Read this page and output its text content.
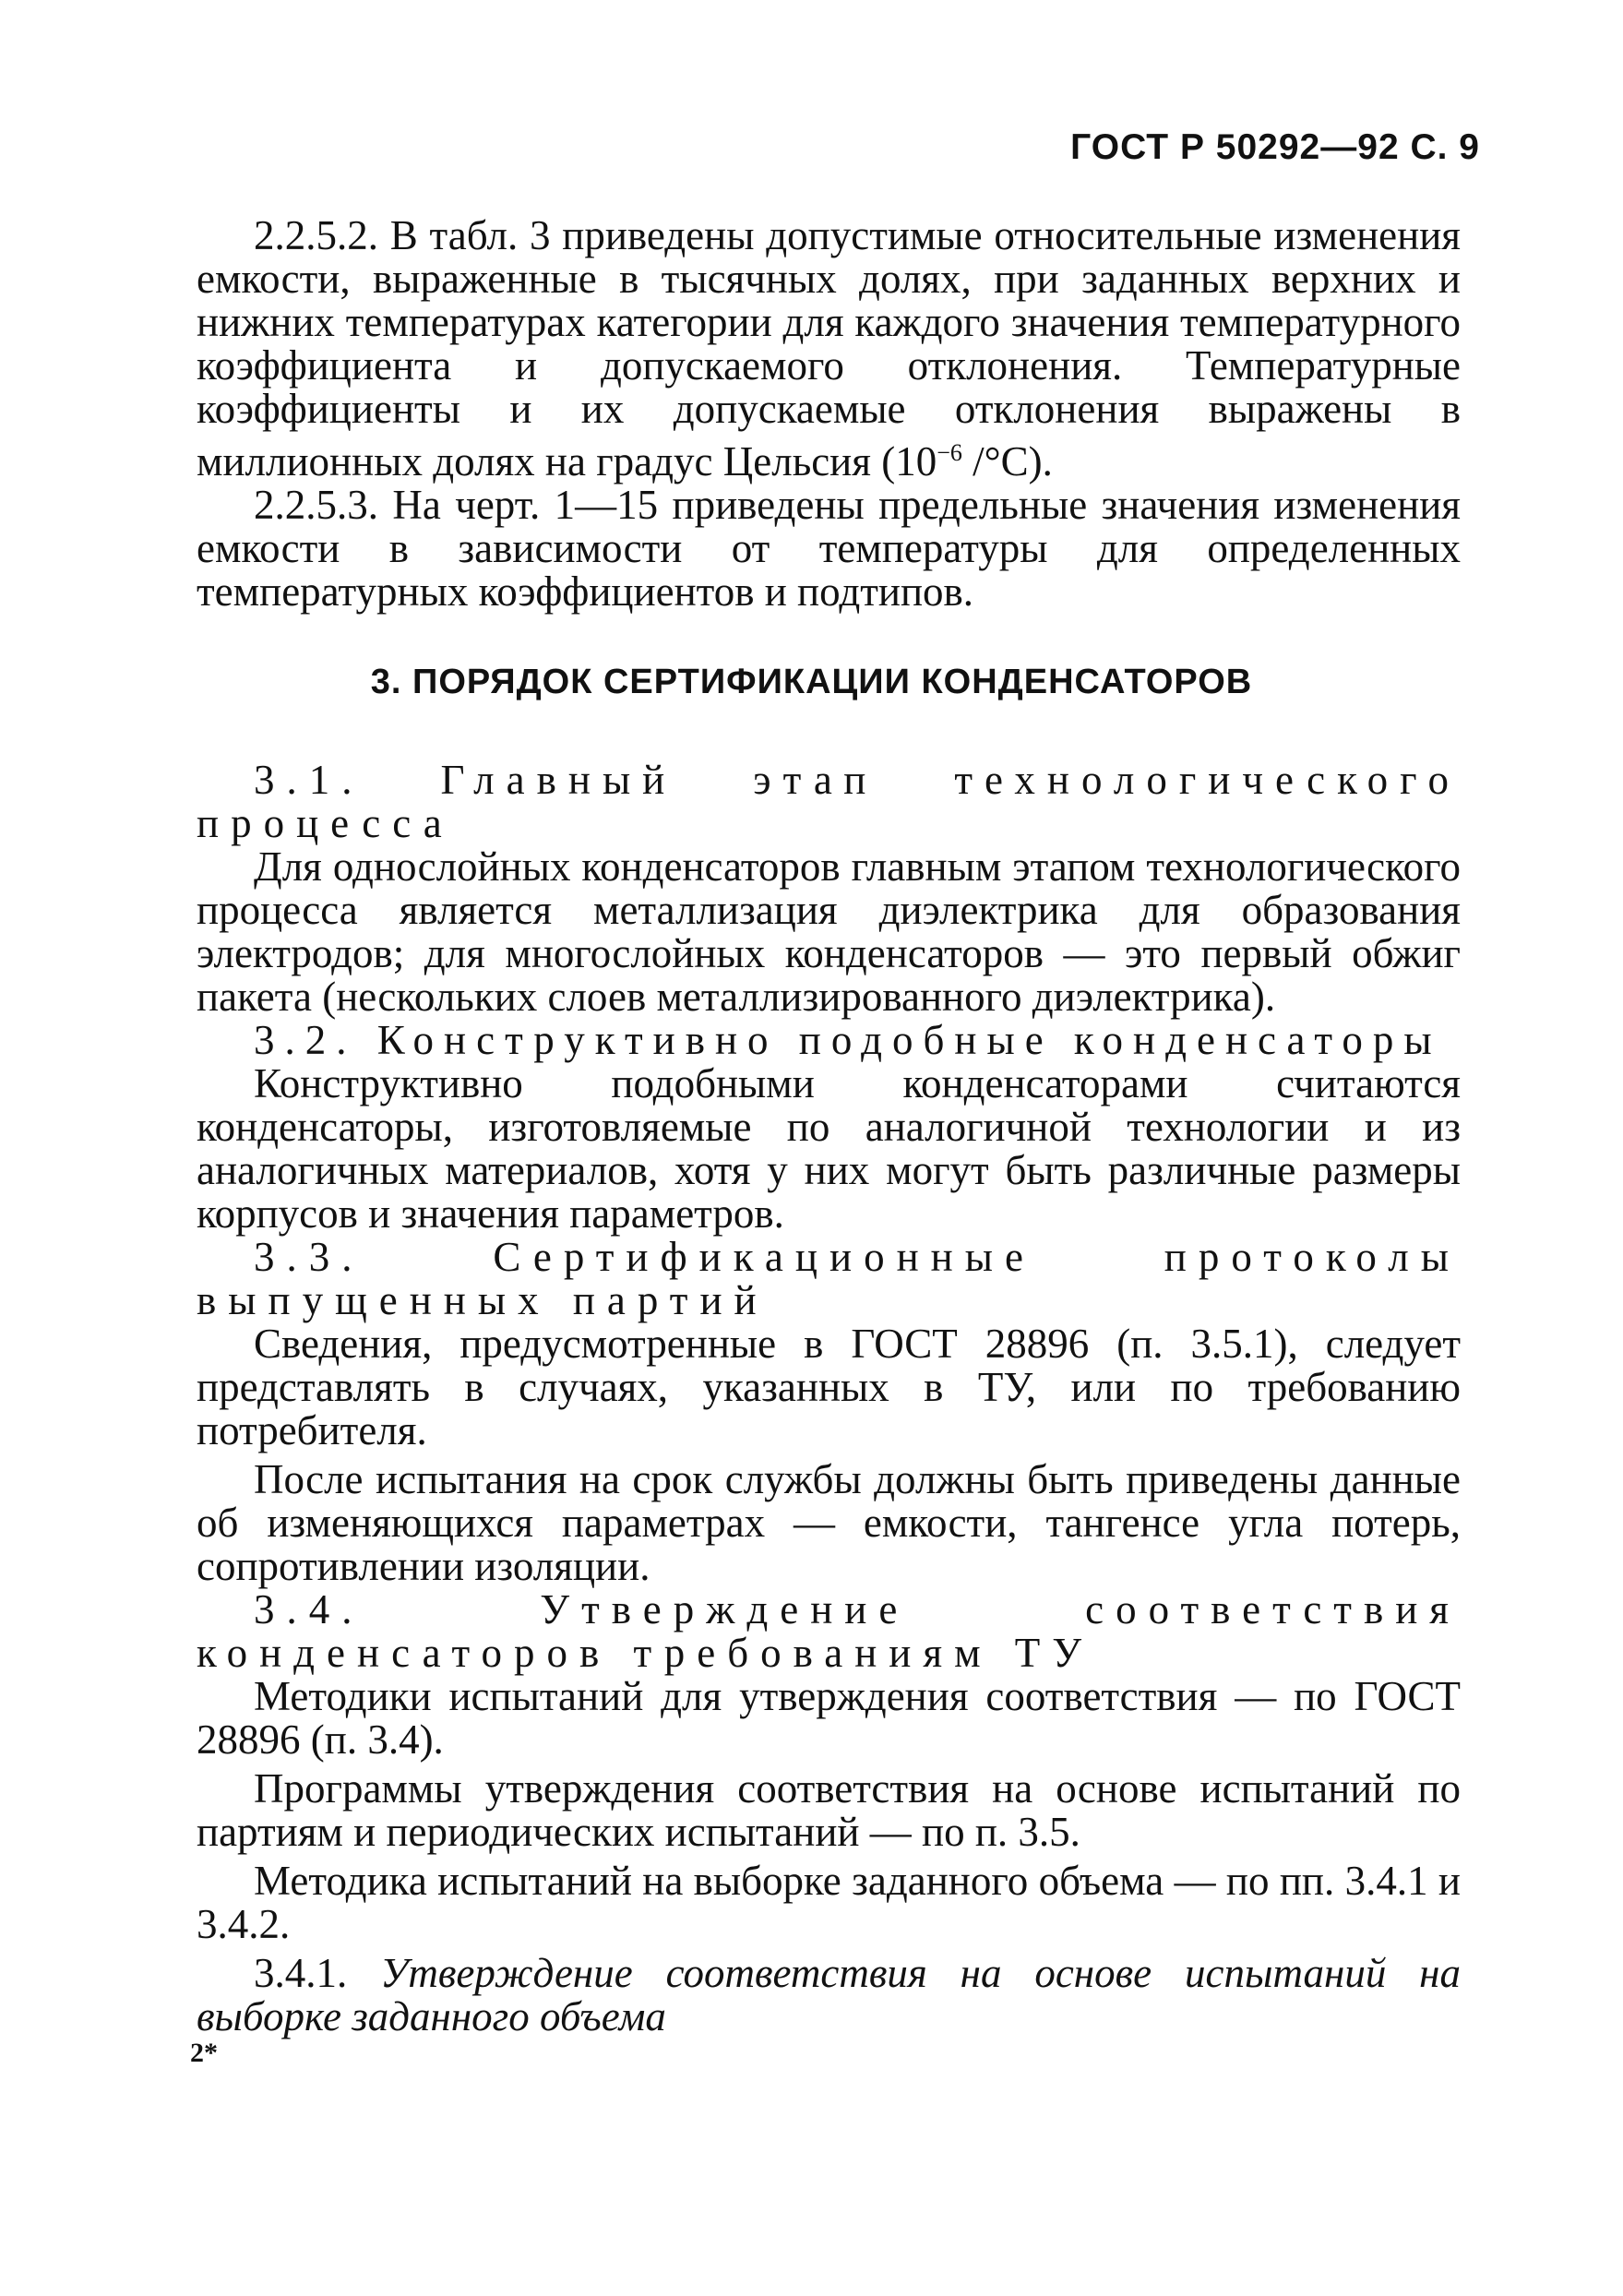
ГОСТ Р 50292—92 С. 9

2.2.5.2. В табл. 3 приведены допустимые относительные изменения емкости, выраженные в тысячных долях, при заданных верхних и нижних температурах категории для каждого значения температурного коэффициента и допускаемого отклонения. Температурные коэффициенты и их допускаемые отклонения выражены в миллионных долях на градус Цельсия ($10^{-6}$ /°С).

2.2.5.3. На черт. 1—15 приведены предельные значения изменения емкости в зависимости от температуры для определенных температурных коэффициентов и подтипов.

3. ПОРЯДОК СЕРТИФИКАЦИИ КОНДЕНСАТОРОВ

3.1. Главный этап технологического процесса

Для однослойных конденсаторов главным этапом технологического процесса является металлизация диэлектрика для образования электродов; для многослойных конденсаторов — это первый обжиг пакета (нескольких слоев металлизированного диэлектрика).

3.2. Конструктивно подобные конденсаторы

Конструктивно подобными конденсаторами считаются конденсаторы, изготовляемые по аналогичной технологии и из аналогичных материалов, хотя у них могут быть различные размеры корпусов и значения параметров.

3.3. Сертификационные протоколы выпущенных партий

Сведения, предусмотренные в ГОСТ 28896 (п. 3.5.1), следует представлять в случаях, указанных в ТУ, или по требованию потребителя.

После испытания на срок службы должны быть приведены данные об изменяющихся параметрах — емкости, тангенсе угла потерь, сопротивлении изоляции.

3.4. Утверждение соответствия конденсаторов требованиям ТУ

Методики испытаний для утверждения соответствия — по ГОСТ 28896 (п. 3.4).

Программы утверждения соответствия на основе испытаний по партиям и периодических испытаний — по п. 3.5.

Методика испытаний на выборке заданного объема — по пп. 3.4.1 и 3.4.2.

3.4.1. Утверждение соответствия на основе испытаний на выборке заданного объема

2*
